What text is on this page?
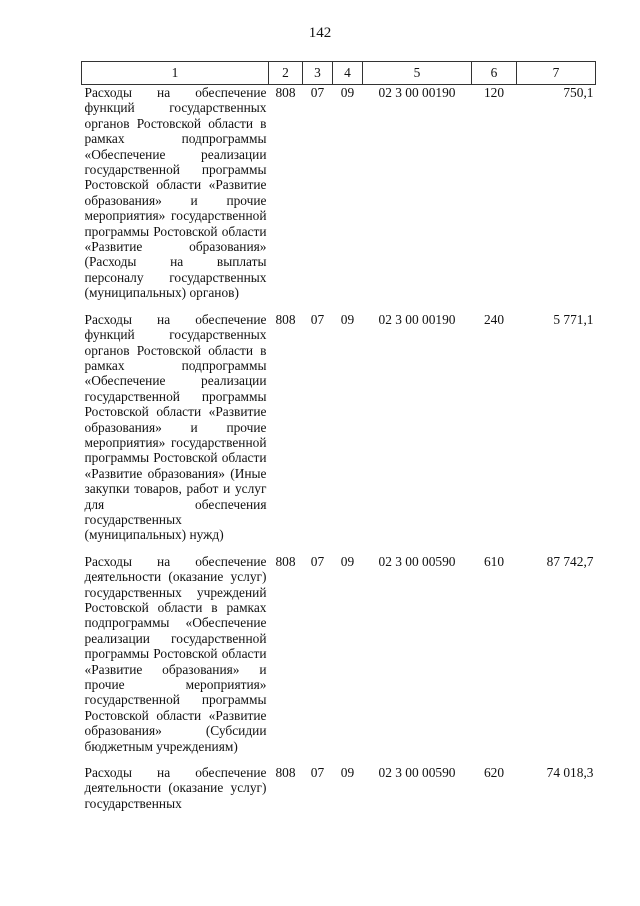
142
1	2	3	4	5	6	7
Расходы на обеспечение функций государственных органов Ростовской области в рамках подпрограммы «Обеспечение реализации государственной программы Ростовской области «Развитие образования» и прочие мероприятия» государственной программы Ростовской области «Развитие образования» (Расходы на выплаты персоналу государственных (муниципальных) органов)	808	07	09	02 3 00 00190	120	750,1
Расходы на обеспечение функций государственных органов Ростовской области в рамках подпрограммы «Обеспечение реализации государственной программы Ростовской области «Развитие образования» и прочие мероприятия» государственной программы Ростовской области «Развитие образования» (Иные закупки товаров, работ и услуг для обеспечения государственных (муниципальных) нужд)	808	07	09	02 3 00 00190	240	5 771,1
Расходы на обеспечение деятельности (оказание услуг) государственных учреждений Ростовской области в рамках подпрограммы «Обеспечение реализации государственной программы Ростовской области «Развитие образования» и прочие мероприятия» государственной программы Ростовской области «Развитие образования» (Субсидии бюджетным учреждениям)	808	07	09	02 3 00 00590	610	87 742,7
Расходы на обеспечение деятельности (оказание услуг) государственных	808	07	09	02 3 00 00590	620	74 018,3
